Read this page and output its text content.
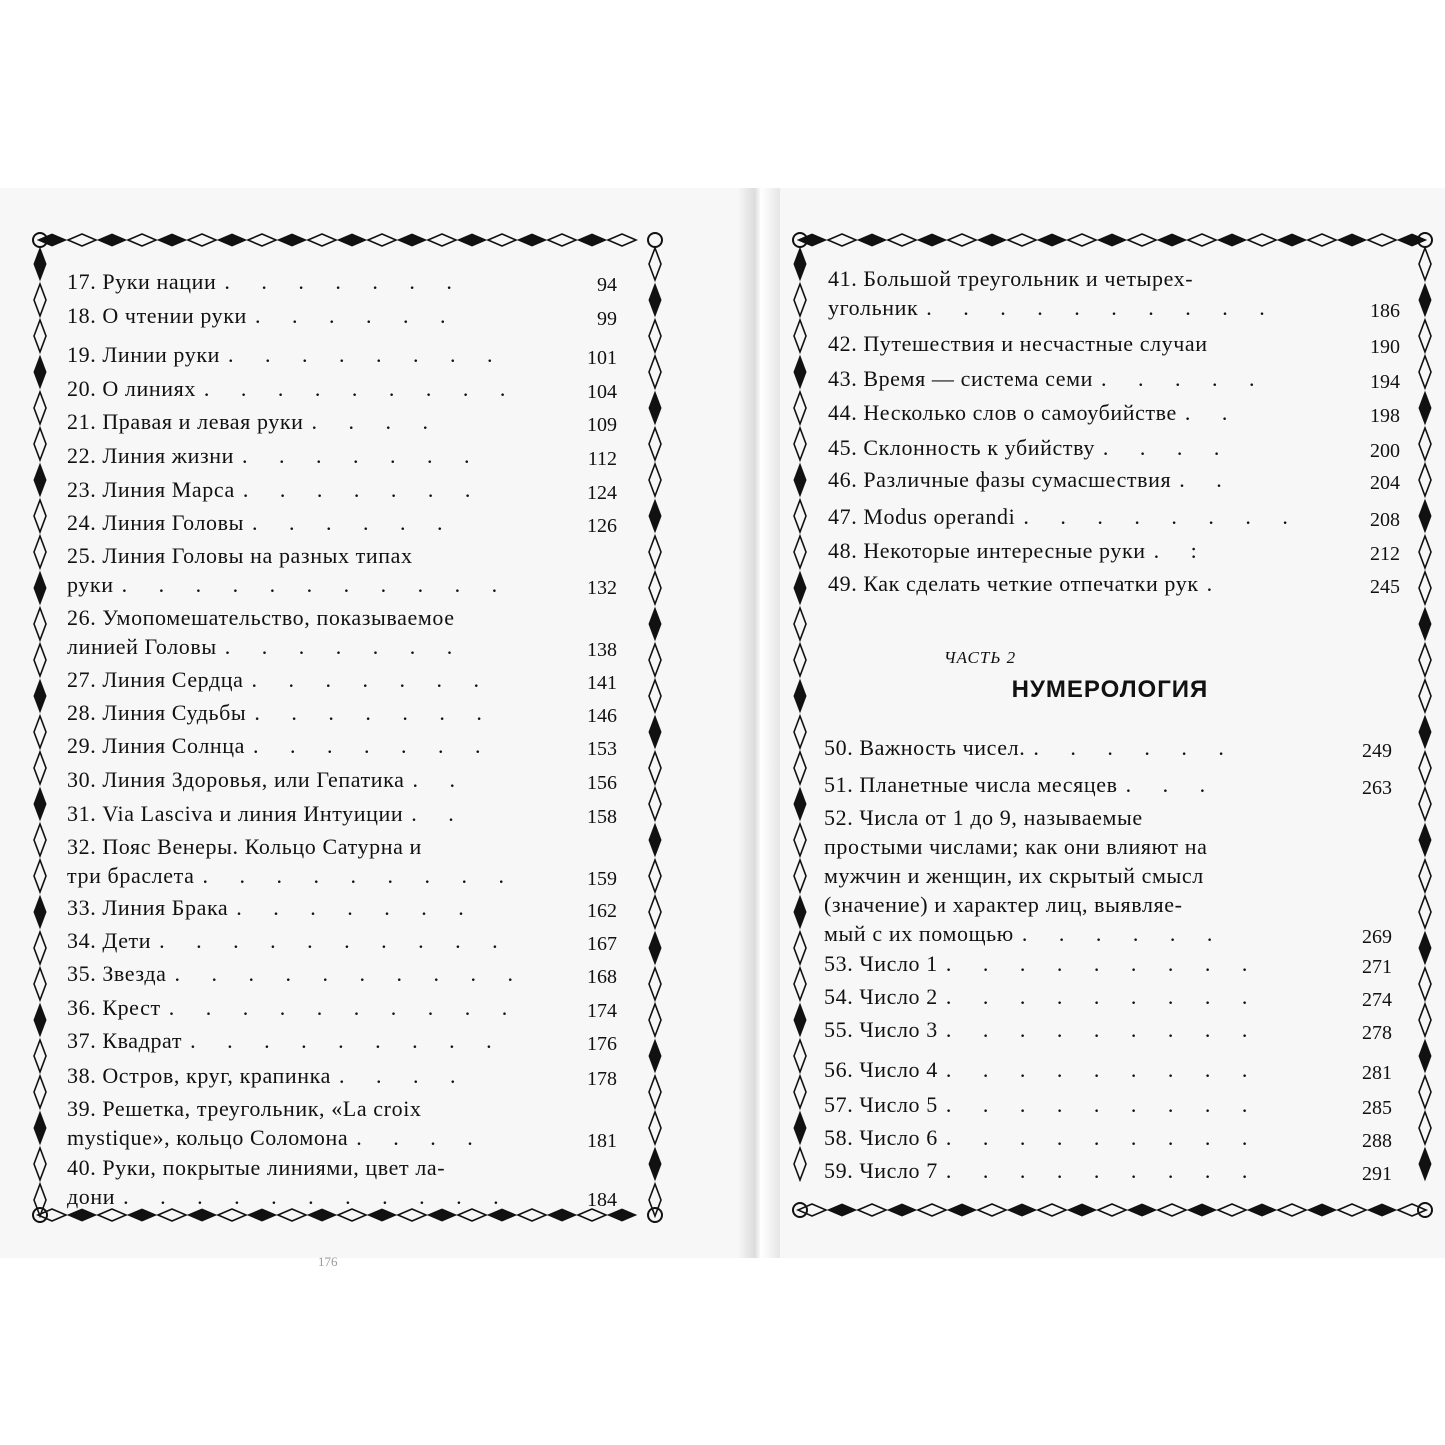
17. Руки нации . . . . . . .	94
18. О чтении руки . . . . . .	99
19. Линии руки . . . . . . . .	101
20. О линиях . . . . . . . . .	104
21. Правая и левая руки . . . .	109
22. Линия жизни . . . . . . .	112
23. Линия Марса . . . . . . .	124
24. Линия Головы . . . . . .	126
25. Линия Головы на разных типах
руки . . . . . . . . . . .	132
26. Умопомешательство, показываемое
линией Головы . . . . . . .	138
27. Линия Сердца . . . . . . .	141
28. Линия Судьбы . . . . . . .	146
29. Линия Солнца . . . . . . .	153
30. Линия Здоровья, или Гепатика . .	156
31. Via Lasciva и линия Интуиции . .	158
32. Пояс Венеры. Кольцо Сатурна и
три браслета . . . . . . . . .	159
33. Линия Брака . . . . . . .	162
34. Дети . . . . . . . . . .	167
35. Звезда . . . . . . . . . .	168
36. Крест . . . . . . . . . .	174
37. Квадрат . . . . . . . . .	176
38. Остров, круг, крапинка . . . .	178
39. Решетка, треугольник, «La croix
mystique», кольцо Соломона . . . .	181
40. Руки, покрытые линиями, цвет ла-
дони . . . . . . . . . . .	184
41. Большой треугольник и четырех-
угольник . . . . . . . . . .	186
42. Путешествия и несчастные случаи	190
43. Время — система семи . . . . .	194
44. Несколько слов о самоубийстве . .	198
45. Склонность к убийству . . . .	200
46. Различные фазы сумасшествия . .	204
47. Modus operandi . . . . . . . .	208
48. Некоторые интересные руки . :	212
49. Как сделать четкие отпечатки рук .	245
50. Важность чисел. . . . . . .	249
51. Планетные числа месяцев . . .	263
52. Числа от 1 до 9, называемые
простыми числами; как они влияют на
мужчин и женщин, их скрытый смысл
(значение) и характер лиц, выявляе-
мый с их помощью . . . . . .	269
53. Число 1 . . . . . . . . .	271
54. Число 2 . . . . . . . . .	274
55. Число 3 . . . . . . . . .	278
56. Число 4 . . . . . . . . .	281
57. Число 5 . . . . . . . . .	285
58. Число 6 . . . . . . . . .	288
59. Число 7 . . . . . . . . .	291
ЧАСТЬ 2
НУМЕРОЛОГИЯ
176
